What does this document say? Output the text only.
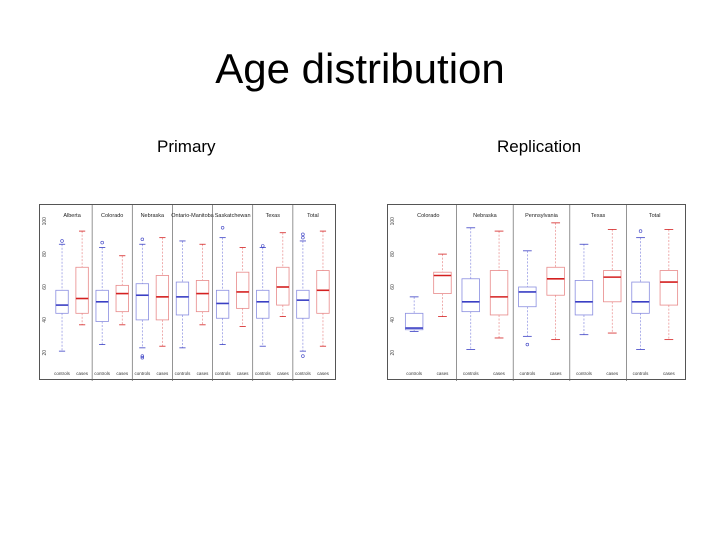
Age distribution
Primary	Replication
20
40
60
80
100
Alberta
controls cases
Colorado
controls cases
Nebraska
controls cases
Ontario-Manitoba
controls cases
Saskatchewan
controls cases
Texas
controls cases
Total
controls cases
20
40
60
80
100
Colorado
controls	cases
Nebraska
controls	cases
Pennsylvania
controls	cases
Texas
controls	cases
Total
controls	cases
